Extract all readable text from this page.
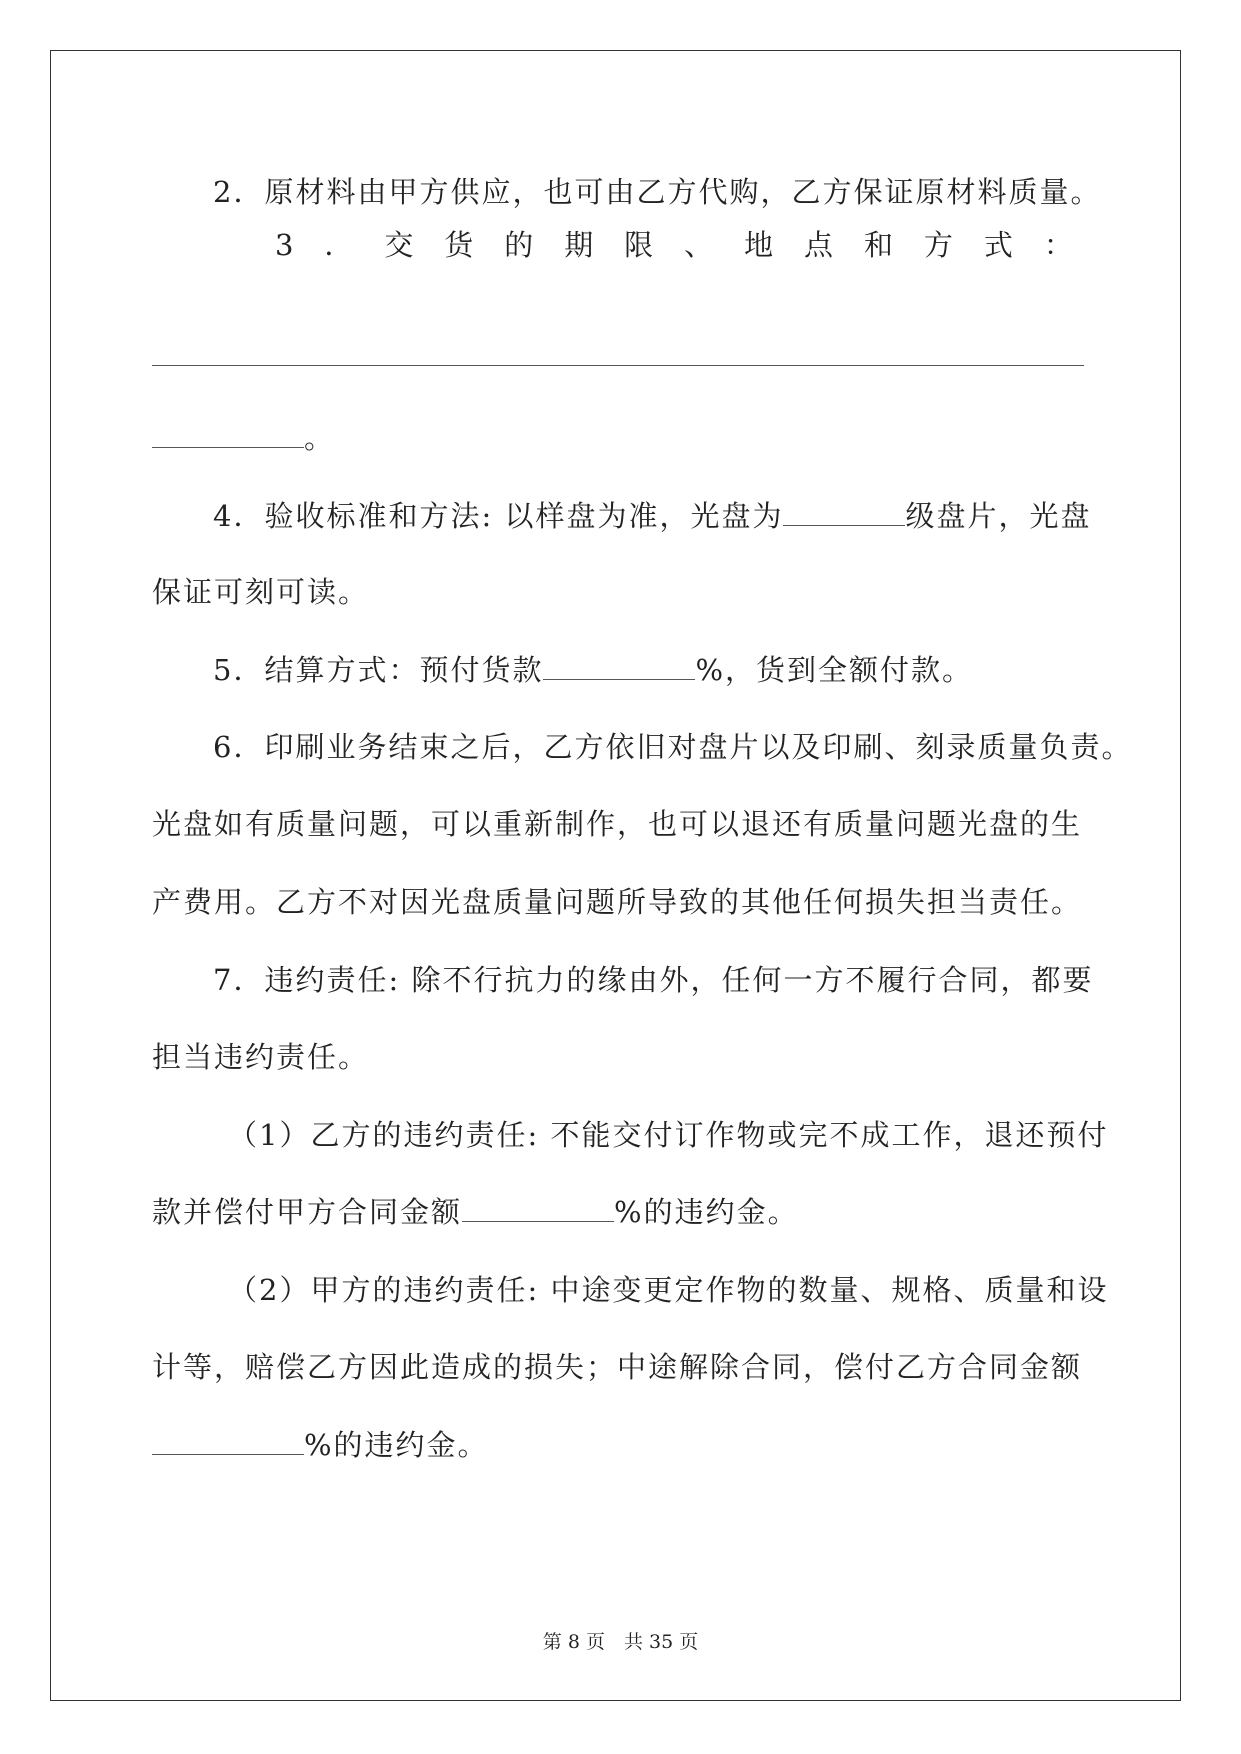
2．原材料由甲方供应，也可由乙方代购，乙方保证原材料质量。
3 ． 交 货 的 期 限 、 地 点 和 方 式 ：
。
4．验收标准和方法: 以样盘为准，光盘为	级盘片，光盘
保证可刻可读。
5．结算方式：预付货款	%，货到全额付款。
6．印刷业务结束之后，乙方依旧对盘片以及印刷、刻录质量负责。
光盘如有质量问题，可以重新制作，也可以退还有质量问题光盘的生
产费用。乙方不对因光盘质量问题所导致的其他任何损失担当责任。
7．违约责任: 除不行抗力的缘由外，任何一方不履行合同，都要
担当违约责任。
（1）乙方的违约责任: 不能交付订作物或完不成工作，退还预付
款并偿付甲方合同金额	%的违约金。
（2）甲方的违约责任: 中途变更定作物的数量、规格、质量和设
计等，赔偿乙方因此造成的损失；中途解除合同，偿付乙方合同金额
%的违约金。
第 8 页　共 35 页
